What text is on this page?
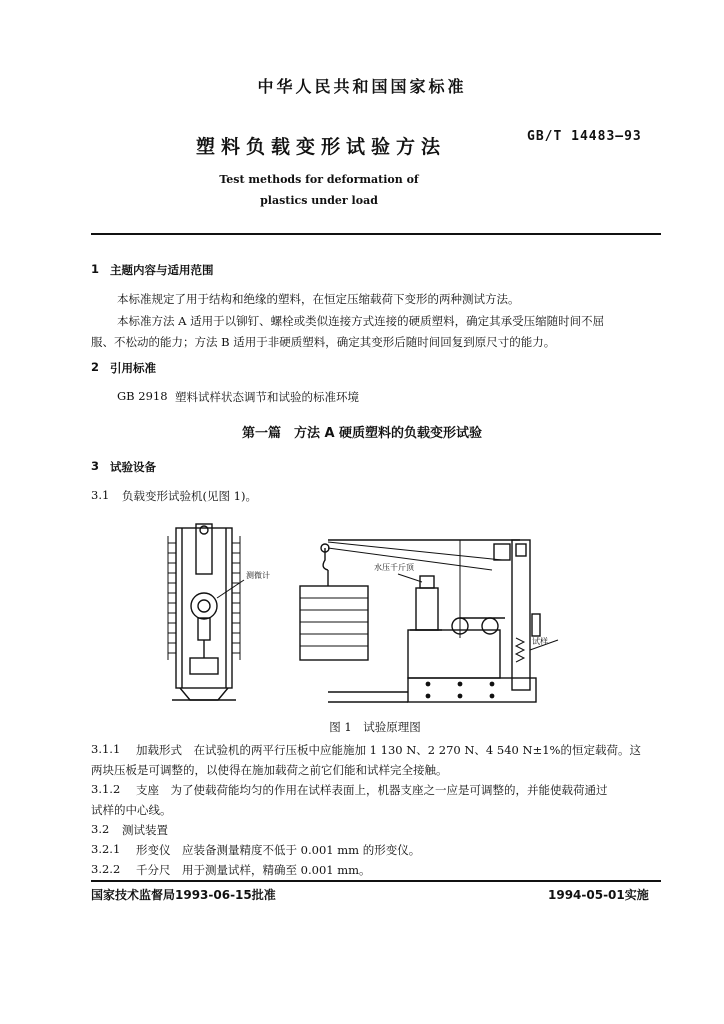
中华人民共和国国家标准
塑料负载变形试验方法	GB/T 14483—93
Test methods for deformation of
plastics under load
1 主题内容与适用范围
本标准规定了用于结构和绝缘的塑料，在恒定压缩载荷下变形的两种测试方法。
本标准方法 A 适用于以铆钉、螺栓或类似连接方式连接的硬质塑料，确定其承受压缩随时间不屈
服、不松动的能力；方法 B 适用于非硬质塑料，确定其变形后随时间回复到原尺寸的能力。
2 引用标准
GB 2918 塑料试样状态调节和试验的标准环境
第一篇　方法 A 硬质塑料的负载变形试验
3 试验设备
3.1 负载变形试验机(见图 1)。
测微计
水压千斤顶
试样
图 1　试验原理图
3.1.1 加载形式　在试验机的两平行压板中应能施加 1 130 N、2 270 N、4 540 N±1%的恒定载荷。这
两块压板是可调整的，以使得在施加载荷之前它们能和试样完全接触。
3.1.2 支座　为了使载荷能均匀的作用在试样表面上，机器支座之一应是可调整的，并能使载荷通过
试样的中心线。
3.2 测试装置
3.2.1 形变仪　应装备测量精度不低于 0.001 mm 的形变仪。
3.2.2 千分尺　用于测量试样，精确至 0.001 mm。
国家技术监督局1993-06-15批准	1994-05-01实施
